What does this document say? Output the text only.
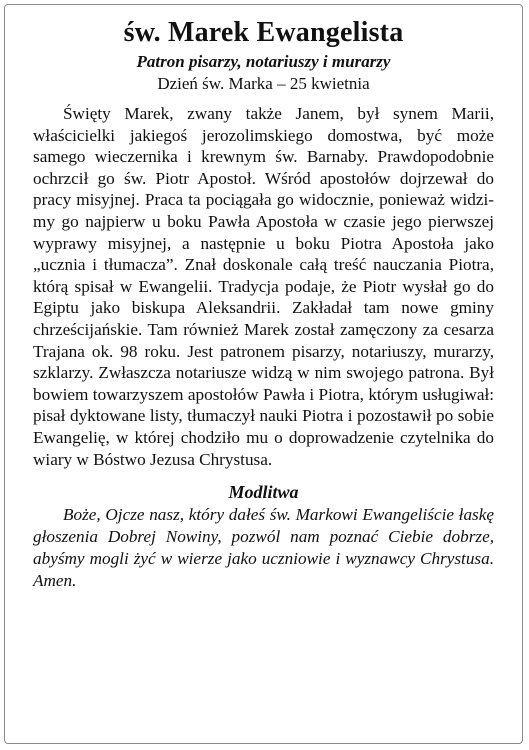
św. Marek Ewangelista

Patron pisarzy, notariuszy i murarzy

Dzień św. Marka – 25 kwietnia

Święty Marek, zwany także Janem, był synem Marii, właścicielki jakiegoś jerozolimskiego domostwa, być może samego wieczernika i krewnym św. Barnaby. Prawdopodobnie ochrzcił go św. Piotr Apostoł. Wśród apostołów dojrzewał do pracy misyjnej. Praca ta pociągała go widocznie, ponieważ widzimy go najpierw u boku Pawła Apostoła w czasie jego pierwszej wyprawy misyjnej, a następnie u boku Piotra Apostoła jako „ucznia i tłumacza”. Znał doskonale całą treść nauczania Piotra, którą spisał w Ewangelii. Tradycja podaje, że Piotr wysłał go do Egiptu jako biskupa Aleksandrii. Zakładał tam nowe gminy chrześcijańskie. Tam również Marek został zamęczony za cesarza Trajana ok. 98 roku. Jest patronem pisarzy, notariuszy, murarzy, szklarzy. Zwłaszcza notariusze widzą w nim swojego patrona. Był bowiem towarzyszem apostołów Pawła i Piotra, którym usługiwał: pisał dyktowane listy, tłumaczył nauki Piotra i pozostawił po sobie Ewangelię, w której chodziło mu o doprowadzenie czytelnika do wiary w Bóstwo Jezusa Chrystusa.

Modlitwa

Boże, Ojcze nasz, który dałeś św. Markowi Ewangeliście łaskę głoszenia Dobrej Nowiny, pozwól nam poznać Ciebie dobrze, abyśmy mogli żyć w wierze jako uczniowie i wyznawcy Chrystusa. Amen.
